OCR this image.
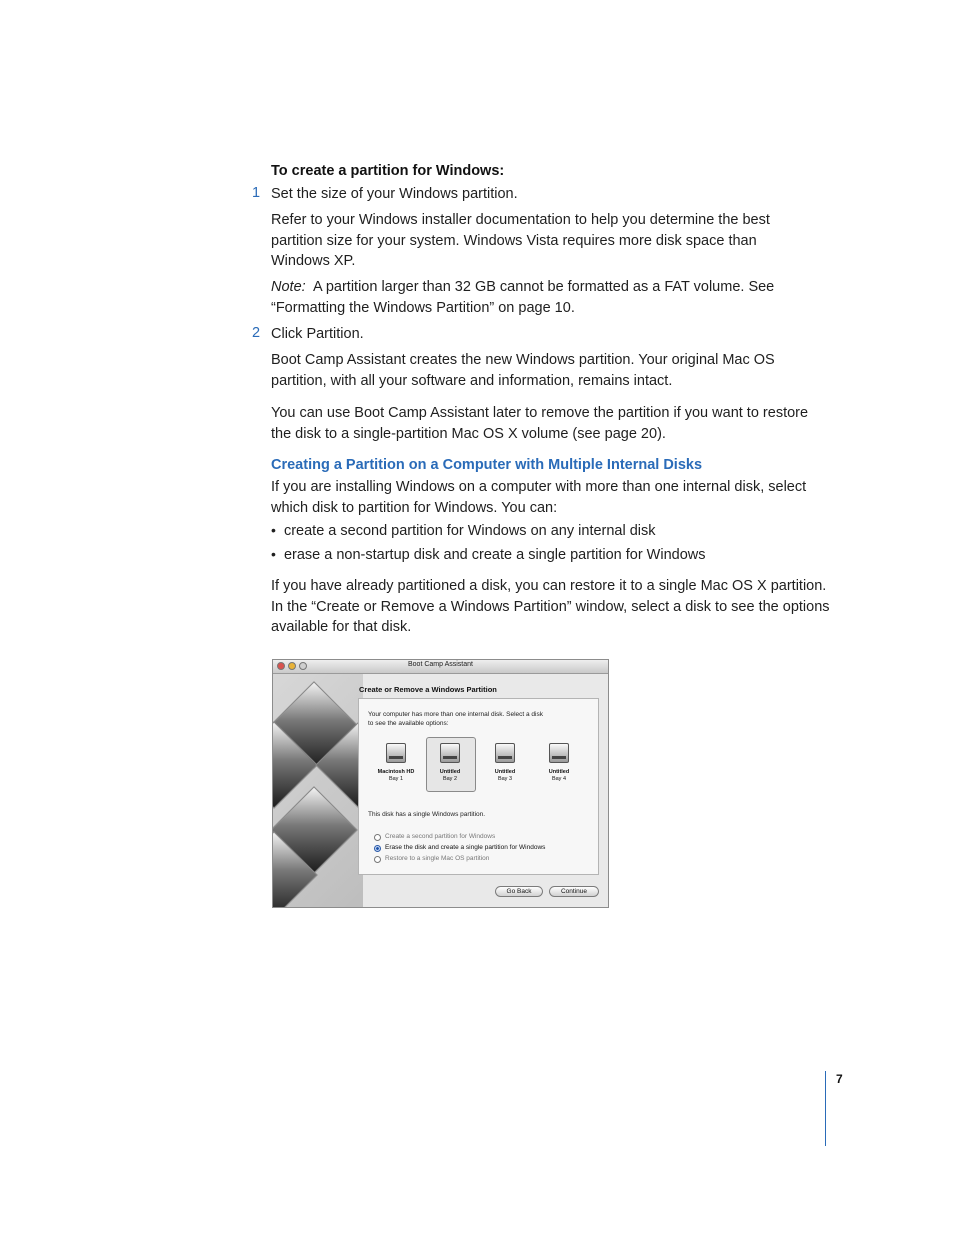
To create a partition for Windows:
1 Set the size of your Windows partition.
Refer to your Windows installer documentation to help you determine the best
partition size for your system. Windows Vista requires more disk space than
Windows XP.
Note: A partition larger than 32 GB cannot be formatted as a FAT volume. See
“Formatting the Windows Partition” on page 10.
2 Click Partition.
Boot Camp Assistant creates the new Windows partition. Your original Mac OS
partition, with all your software and information, remains intact.
You can use Boot Camp Assistant later to remove the partition if you want to restore
the disk to a single-partition Mac OS X volume (see page 20).
Creating a Partition on a Computer with Multiple Internal Disks
If you are installing Windows on a computer with more than one internal disk, select
which disk to partition for Windows. You can:
• create a second partition for Windows on any internal disk
• erase a non-startup disk and create a single partition for Windows
If you have already partitioned a disk, you can restore it to a single Mac OS X partition.
In the “Create or Remove a Windows Partition” window, select a disk to see the options
available for that disk.
Boot Camp Assistant
Create or Remove a Windows Partition
Your computer has more than one internal disk. Select a disk
to see the available options:
Macintosh HD
Bay 1
Untitled
Bay 2
Untitled
Bay 3
Untitled
Bay 4
This disk has a single Windows partition.
Create a second partition for Windows
Erase the disk and create a single partition for Windows
Restore to a single Mac OS partition
Go Back	Continue
7
